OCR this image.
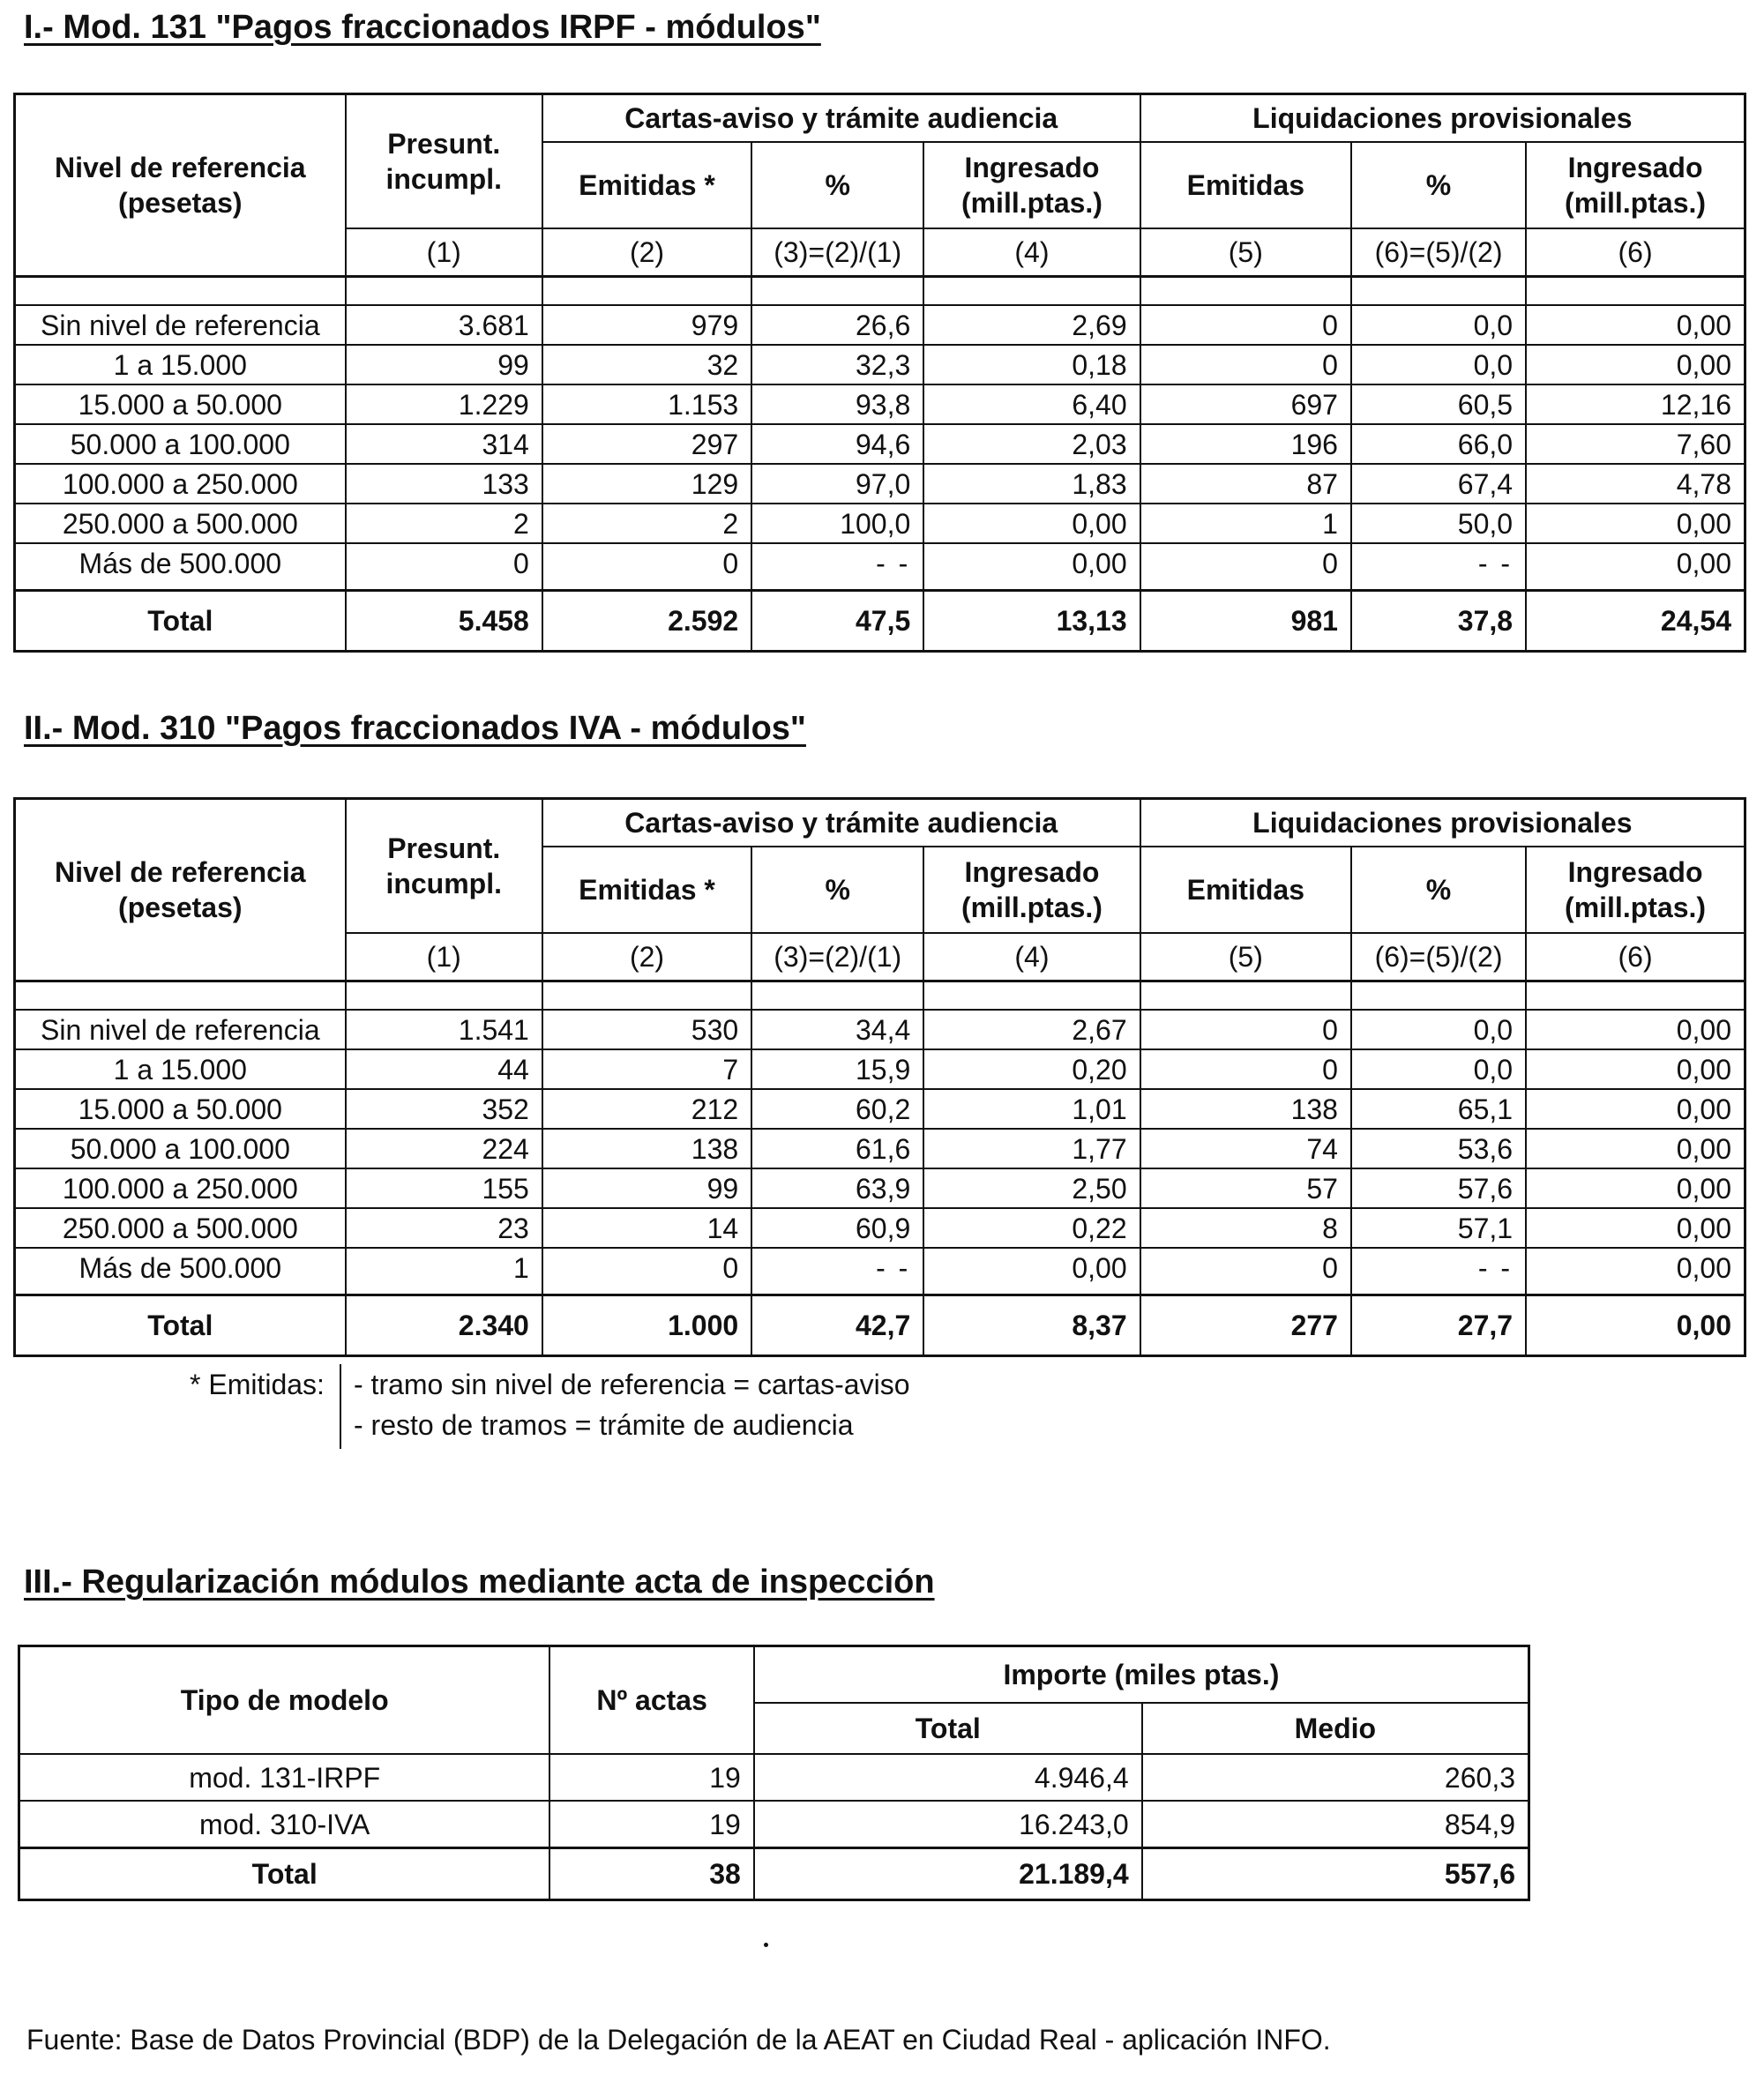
I.- Mod. 131 "Pagos fraccionados IRPF - módulos"
Nivel de referencia (pesetas)	Presunt. incumpl.	Cartas-aviso y trámite audiencia			Liquidaciones provisionales		
		Emitidas *	%	Ingresado (mill.ptas.)	Emitidas	%	Ingresado (mill.ptas.)
	(1)	(2)	(3)=(2)/(1)	(4)	(5)	(6)=(5)/(2)	(6)

Sin nivel de referencia	3.681	979	26,6	2,69	0	0,0	0,00
1 a 15.000	99	32	32,3	0,18	0	0,0	0,00
15.000 a 50.000	1.229	1.153	93,8	6,40	697	60,5	12,16
50.000 a 100.000	314	297	94,6	2,03	196	66,0	7,60
100.000 a 250.000	133	129	97,0	1,83	87	67,4	4,78
250.000 a 500.000	2	2	100,0	0,00	1	50,0	0,00
Más de 500.000	0	0	- -	0,00	0	- -	0,00
Total	5.458	2.592	47,5	13,13	981	37,8	24,54
II.- Mod. 310 "Pagos fraccionados IVA - módulos"
Nivel de referencia (pesetas)	Presunt. incumpl.	Cartas-aviso y trámite audiencia			Liquidaciones provisionales		
		Emitidas *	%	Ingresado (mill.ptas.)	Emitidas	%	Ingresado (mill.ptas.)
	(1)	(2)	(3)=(2)/(1)	(4)	(5)	(6)=(5)/(2)	(6)

Sin nivel de referencia	1.541	530	34,4	2,67	0	0,0	0,00
1 a 15.000	44	7	15,9	0,20	0	0,0	0,00
15.000 a 50.000	352	212	60,2	1,01	138	65,1	0,00
50.000 a 100.000	224	138	61,6	1,77	74	53,6	0,00
100.000 a 250.000	155	99	63,9	2,50	57	57,6	0,00
250.000 a 500.000	23	14	60,9	0,22	8	57,1	0,00
Más de 500.000	1	0	- -	0,00	0	- -	0,00
Total	2.340	1.000	42,7	8,37	277	27,7	0,00
* Emitidas: - tramo sin nivel de referencia = cartas-aviso
- resto de tramos = trámite de audiencia
III.- Regularización módulos mediante acta de inspección
Tipo de modelo	Nº actas	Importe (miles ptas.)	
		Total	Medio
mod. 131-IRPF	19	4.946,4	260,3
mod. 310-IVA	19	16.243,0	854,9
Total	38	21.189,4	557,6
Fuente: Base de Datos Provincial (BDP) de la Delegación de la AEAT en Ciudad Real - aplicación INFO.
